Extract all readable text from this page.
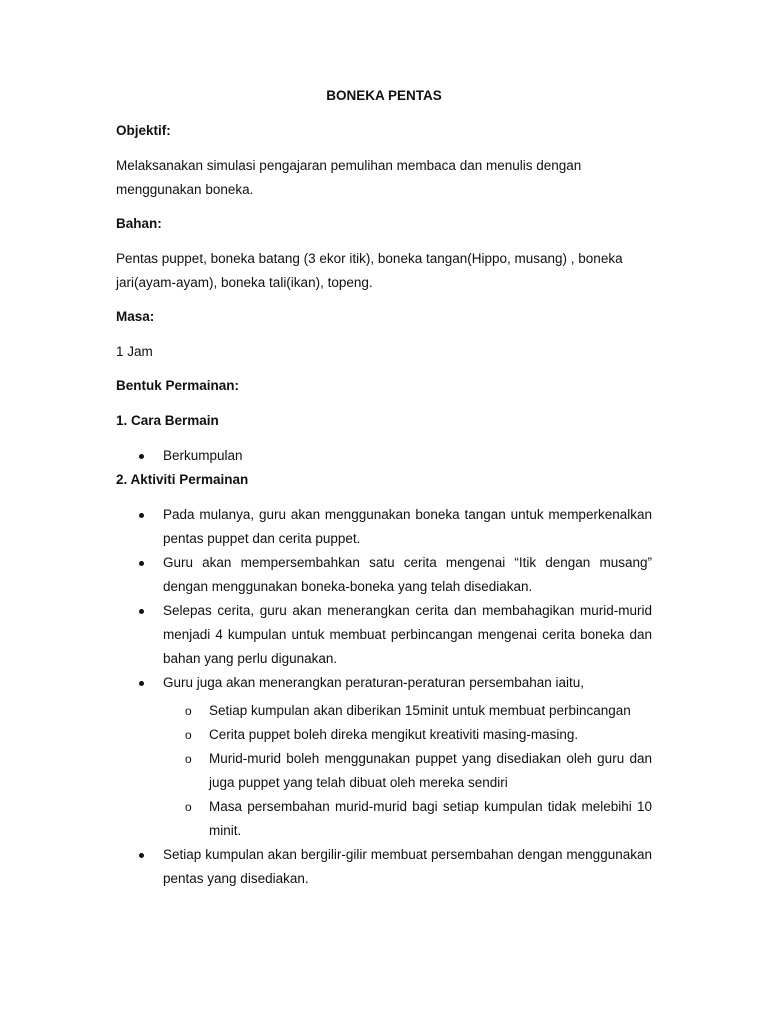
BONEKA PENTAS
Objektif:
Melaksanakan simulasi pengajaran pemulihan membaca dan menulis dengan menggunakan boneka.
Bahan:
Pentas puppet, boneka batang (3 ekor itik), boneka tangan(Hippo, musang) , boneka jari(ayam-ayam), boneka tali(ikan), topeng.
Masa:
1 Jam
Bentuk Permainan:
1. Cara Bermain
Berkumpulan
2. Aktiviti Permainan
Pada mulanya, guru akan menggunakan boneka tangan untuk memperkenalkan pentas puppet dan cerita puppet.
Guru akan mempersembahkan satu cerita mengenai “Itik dengan musang” dengan menggunakan boneka-boneka yang telah disediakan.
Selepas cerita, guru akan menerangkan cerita dan membahagikan murid-murid menjadi 4 kumpulan untuk membuat perbincangan mengenai cerita boneka dan bahan yang perlu digunakan.
Guru juga akan menerangkan peraturan-peraturan persembahan iaitu,
o Setiap kumpulan akan diberikan 15minit untuk membuat perbincangan
o Cerita puppet boleh direka mengikut kreativiti masing-masing.
o Murid-murid boleh menggunakan puppet yang disediakan oleh guru dan juga puppet yang telah dibuat oleh mereka sendiri
o Masa persembahan murid-murid bagi setiap kumpulan tidak melebihi 10 minit.
Setiap kumpulan akan bergilir-gilir membuat persembahan dengan menggunakan pentas yang disediakan.
